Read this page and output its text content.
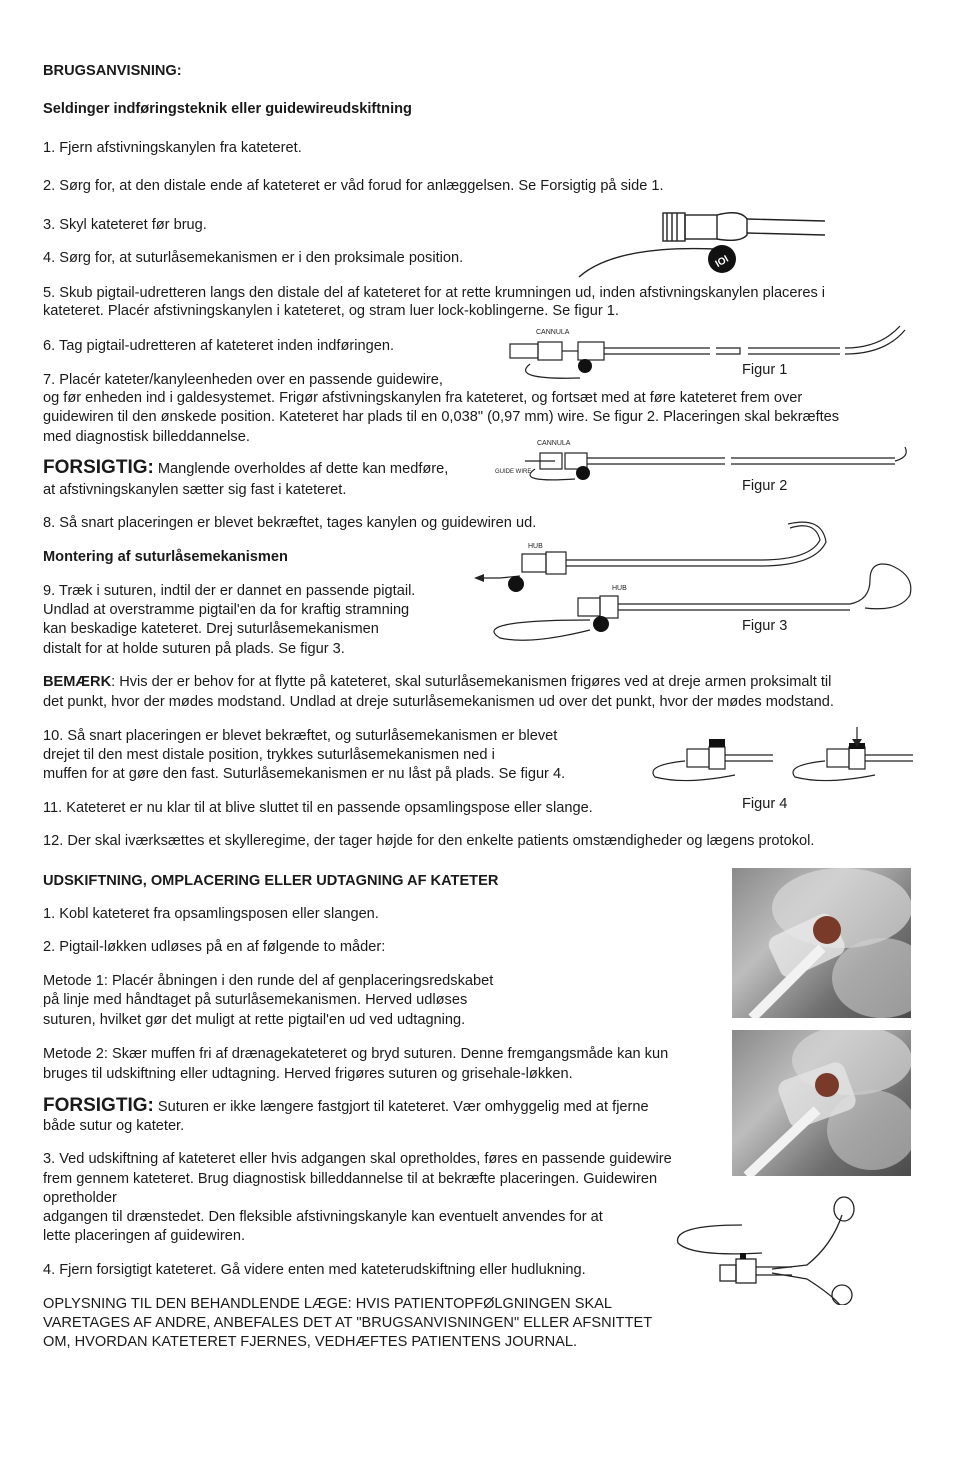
BRUGSANVISNING:
Seldinger indføringsteknik eller guidewireudskiftning
1. Fjern afstivningskanylen fra kateteret.
2. Sørg for, at den distale ende af kateteret er våd forud for anlæggelsen. Se Forsigtig på side 1.
3. Skyl kateteret før brug.
4. Sørg for, at suturlåsemekanismen er i den proksimale position.
5. Skub pigtail-udretteren langs den distale del af kateteret for at rette krumningen ud, inden afstivningskanylen placeres i
kateteret. Placér afstivningskanylen i kateteret, og stram luer lock-koblingerne. Se figur 1.
6. Tag pigtail-udretteren af kateteret inden indføringen.
7. Placér kateter/kanyleenheden over en passende guidewire,
og før enheden ind i galdesystemet. Frigør afstivningskanylen fra kateteret, og fortsæt med at føre kateteret frem over
guidewiren til den ønskede position. Kateteret har plads til en 0,038" (0,97 mm) wire. Se figur 2. Placeringen skal bekræftes
med diagnostisk billeddannelse.
FORSIGTIG: Manglende overholdes af dette kan medføre,
at afstivningskanylen sætter sig fast i kateteret.
8. Så snart placeringen er blevet bekræftet, tages kanylen og guidewiren ud.
Montering af suturlåsemekanismen
9. Træk i suturen, indtil der er dannet en passende pigtail.
Undlad at overstramme pigtail'en da for kraftig stramning
kan beskadige kateteret. Drej suturlåsemekanismen
distalt for at holde suturen på plads. Se figur 3.
BEMÆRK: Hvis der er behov for at flytte på kateteret, skal suturlåsemekanismen frigøres ved at dreje armen proksimalt til
det punkt, hvor der mødes modstand. Undlad at dreje suturlåsemekanismen ud over det punkt, hvor der mødes modstand.
10. Så snart placeringen er blevet bekræftet, og suturlåsemekanismen er blevet
drejet til den mest distale position, trykkes suturlåsemekanismen ned i
muffen for at gøre den fast. Suturlåsemekanismen er nu låst på plads. Se figur 4.
11. Kateteret er nu klar til at blive sluttet til en passende opsamlingspose eller slange.
12. Der skal iværksættes et skylleregime, der tager højde for den enkelte patients omstændigheder og lægens protokol.
UDSKIFTNING, OMPLACERING ELLER UDTAGNING AF KATETER
1. Kobl kateteret fra opsamlingsposen eller slangen.
2. Pigtail-løkken udløses på en af følgende to måder:
Metode 1: Placér åbningen i den runde del af genplaceringsredskabet
på linje med håndtaget på suturlåsemekanismen. Herved udløses
suturen, hvilket gør det muligt at rette pigtail'en ud ved udtagning.
Metode 2: Skær muffen fri af drænagekateteret og bryd suturen. Denne fremgangsmåde kan kun
bruges til udskiftning eller udtagning. Herved frigøres suturen og grisehale-løkken.
FORSIGTIG: Suturen er ikke længere fastgjort til kateteret. Vær omhyggelig med at fjerne
både sutur og kateter.
3. Ved udskiftning af kateteret eller hvis adgangen skal opretholdes, føres en passende guidewire
frem gennem kateteret. Brug diagnostisk billeddannelse til at bekræfte placeringen. Guidewiren
opretholder
adgangen til drænstedet. Den fleksible afstivningskanyle kan eventuelt anvendes for at
lette placeringen af guidewiren.
4. Fjern forsigtigt kateteret. Gå videre enten med kateterudskiftning eller hudlukning.
OPLYSNING TIL DEN BEHANDLENDE LÆGE: HVIS PATIENTOPFØLGNINGEN SKAL
VARETAGES AF ANDRE, ANBEFALES DET AT "BRUGSANVISNINGEN" ELLER AFSNITTET
OM, HVORDAN KATETERET FJERNES, VEDHÆFTES PATIENTENS JOURNAL.
IOI
CANNULA
Figur 1
CANNULA
GUIDE WIRE
Figur 2
HUB
HUB
Figur 3
Figur 4
